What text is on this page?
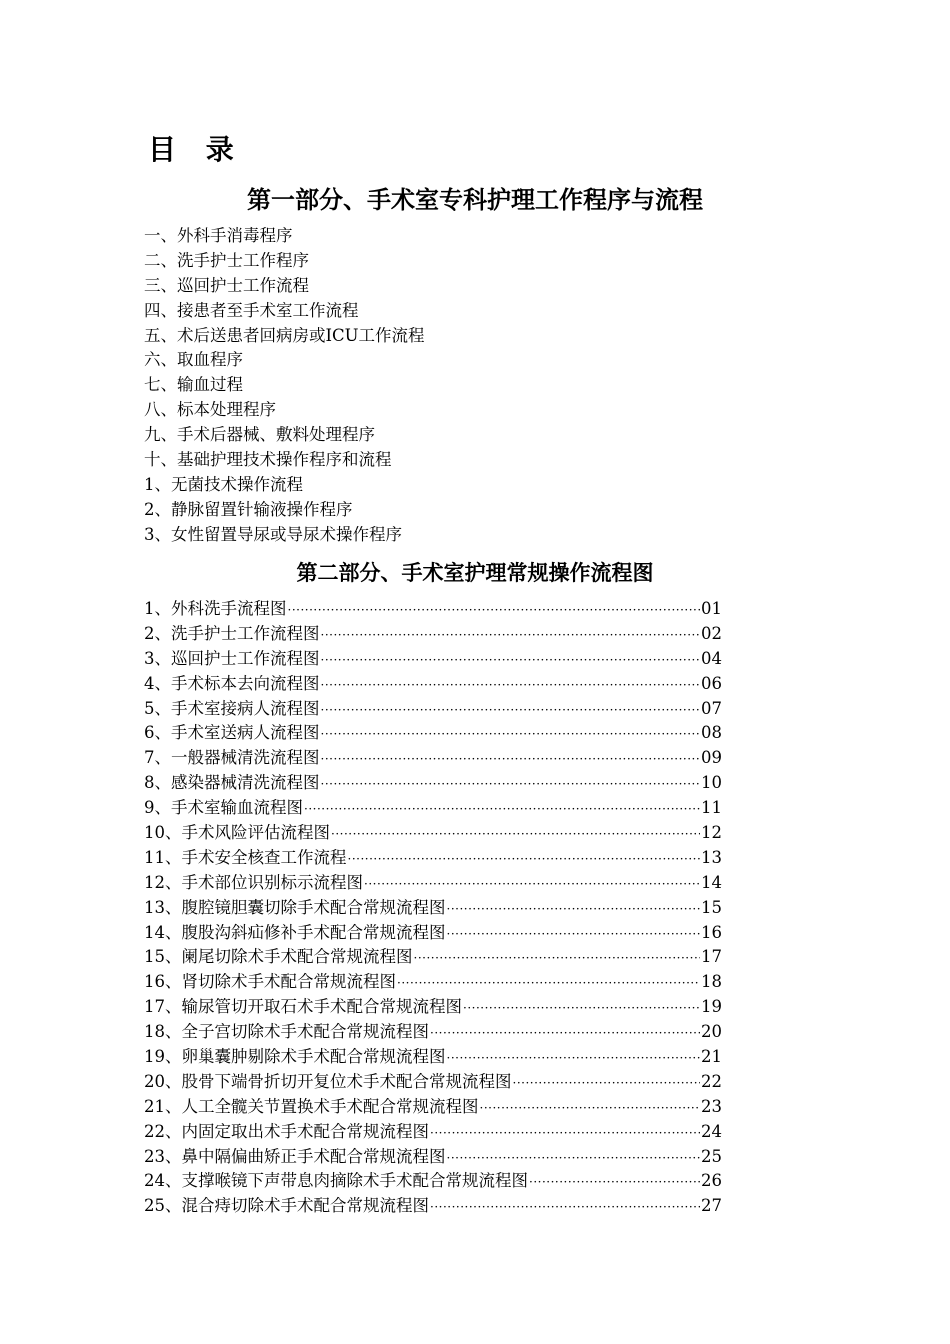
目 录
第一部分、手术室专科护理工作程序与流程
一、外科手消毒程序
二、洗手护士工作程序
三、巡回护士工作流程
四、接患者至手术室工作流程
五、术后送患者回病房或ICU工作流程
六、取血程序
七、输血过程
八、标本处理程序
九、手术后器械、敷料处理程序
十、基础护理技术操作程序和流程
1、无菌技术操作流程
2、静脉留置针输液操作程序
3、女性留置导尿或导尿术操作程序
第二部分、手术室护理常规操作流程图
1、外科洗手流程图 ·····	01
2、洗手护士工作流程图 ·····	02
3、巡回护士工作流程图 ·····	04
4、手术标本去向流程图 ·····	06
5、手术室接病人流程图 ·····	07
6、手术室送病人流程图 ·····	08
7、一般器械清洗流程图 ·····	09
8、感染器械清洗流程图 ·····	10
9、手术室输血流程图 ·····	11
10、手术风险评估流程图 ·····	12
11、手术安全核查工作流程 ·····	13
12、手术部位识别标示流程图 ·····	14
13、腹腔镜胆囊切除手术配合常规流程图 ·····	15
14、腹股沟斜疝修补手术配合常规流程图 ·····	16
15、阑尾切除术手术配合常规流程图 ·····	17
16、肾切除术手术配合常规流程图 ·····	18
17、输尿管切开取石术手术配合常规流程图 ·····	19
18、全子宫切除术手术配合常规流程图 ·····	20
19、卵巢囊肿剔除术手术配合常规流程图 ·····	21
20、股骨下端骨折切开复位术手术配合常规流程图 ·····	22
21、人工全髋关节置换术手术配合常规流程图 ·····	23
22、内固定取出术手术配合常规流程图 ·····	24
23、鼻中隔偏曲矫正手术配合常规流程图 ·····	25
24、支撑喉镜下声带息肉摘除术手术配合常规流程图 ·····	26
25、混合痔切除术手术配合常规流程图 ·····	27
